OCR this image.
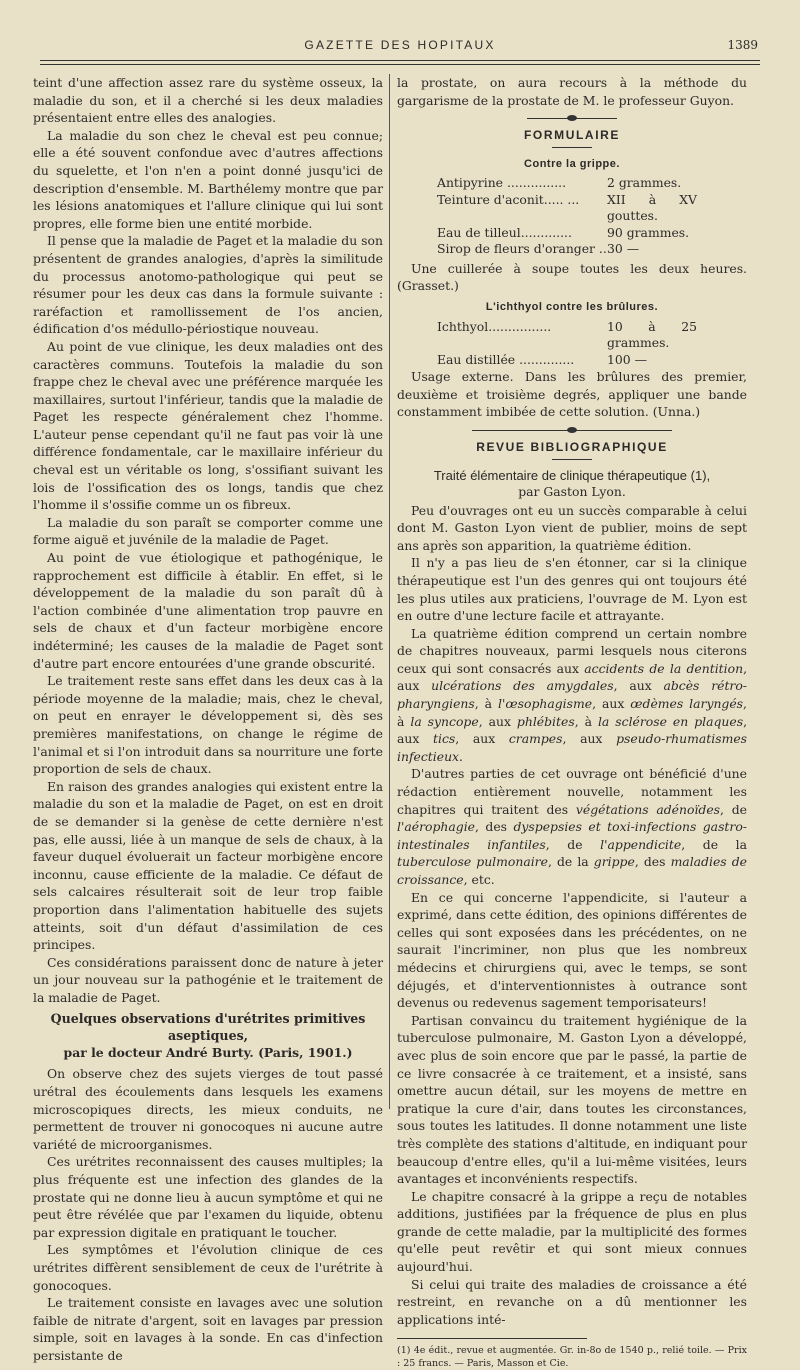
GAZETTE DES HOPITAUX	1389

teint d'une affection assez rare du système osseux, la maladie du son, et il a cherché si les deux maladies présentaient entre elles des analogies.

La maladie du son chez le cheval est peu connue; elle a été souvent confondue avec d'autres affections du squelette, et l'on n'en a point donné jusqu'ici de description d'ensemble. M. Barthélemy montre que par les lésions anatomiques et l'allure clinique qui lui sont propres, elle forme bien une entité morbide.

Il pense que la maladie de Paget et la maladie du son présentent de grandes analogies, d'après la similitude du processus anotomo-pathologique qui peut se résumer pour les deux cas dans la formule suivante : raréfaction et ramollissement de l'os ancien, édification d'os médullo-périostique nouveau.

Au point de vue clinique, les deux maladies ont des caractères communs. Toutefois la maladie du son frappe chez le cheval avec une préférence marquée les maxillaires, surtout l'inférieur, tandis que la maladie de Paget les respecte généralement chez l'homme. L'auteur pense cependant qu'il ne faut pas voir là une différence fondamentale, car le maxillaire inférieur du cheval est un véritable os long, s'ossifiant suivant les lois de l'ossification des os longs, tandis que chez l'homme il s'ossifie comme un os fibreux.

La maladie du son paraît se comporter comme une forme aiguë et juvénile de la maladie de Paget.

Au point de vue étiologique et pathogénique, le rapprochement est difficile à établir. En effet, si le développement de la maladie du son paraît dû à l'action combinée d'une alimentation trop pauvre en sels de chaux et d'un facteur morbigène encore indéterminé; les causes de la maladie de Paget sont d'autre part encore entourées d'une grande obscurité.

Le traitement reste sans effet dans les deux cas à la période moyenne de la maladie; mais, chez le cheval, on peut en enrayer le développement si, dès ses premières manifestations, on change le régime de l'animal et si l'on introduit dans sa nourriture une forte proportion de sels de chaux.

En raison des grandes analogies qui existent entre la maladie du son et la maladie de Paget, on est en droit de se demander si la genèse de cette dernière n'est pas, elle aussi, liée à un manque de sels de chaux, à la faveur duquel évoluerait un facteur morbigène encore inconnu, cause efficiente de la maladie. Ce défaut de sels calcaires résulterait soit de leur trop faible proportion dans l'alimentation habituelle des sujets atteints, soit d'un défaut d'assimilation de ces principes.

Ces considérations paraissent donc de nature à jeter un jour nouveau sur la pathogénie et le traitement de la maladie de Paget.

Quelques observations d'urétrites primitives aseptiques,
par le docteur André Burty. (Paris, 1901.)

On observe chez des sujets vierges de tout passé urétral des écoulements dans lesquels les examens microscopiques directs, les mieux conduits, ne permettent de trouver ni gonocoques ni aucune autre variété de microorganismes.

Ces urétrites reconnaissent des causes multiples; la plus fréquente est une infection des glandes de la prostate qui ne donne lieu à aucun symptôme et qui ne peut être révélée que par l'examen du liquide, obtenu par expression digitale en pratiquant le toucher.

Les symptômes et l'évolution clinique de ces urétrites diffèrent sensiblement de ceux de l'urétrite à gonocoques.

Le traitement consiste en lavages avec une solution faible de nitrate d'argent, soit en lavages par pression simple, soit en lavages à la sonde. En cas d'infection persistante de

la prostate, on aura recours à la méthode du gargarisme de la prostate de M. le professeur Guyon.

FORMULAIRE
Contre la grippe.
Antipyrine ...............	2 grammes.
Teinture d'aconit..... ...	XII à XV gouttes.
Eau de tilleul.............	90 grammes.
Sirop de fleurs d'oranger .. 30 —

Une cuillerée à soupe toutes les deux heures. (Grasset.)

L'ichthyol contre les brûlures.
Ichthyol................	10 à 25 grammes.
Eau distillée ..............	100 —

Usage externe. Dans les brûlures des premier, deuxième et troisième degrés, appliquer une bande constamment imbibée de cette solution. (Unna.)

REVUE BIBLIOGRAPHIQUE
Traité élémentaire de clinique thérapeutique (1),
par Gaston Lyon.

Peu d'ouvrages ont eu un succès comparable à celui dont M. Gaston Lyon vient de publier, moins de sept ans après son apparition, la quatrième édition.

Il n'y a pas lieu de s'en étonner, car si la clinique thérapeutique est l'un des genres qui ont toujours été les plus utiles aux praticiens, l'ouvrage de M. Lyon est en outre d'une lecture facile et attrayante.

La quatrième édition comprend un certain nombre de chapitres nouveaux, parmi lesquels nous citerons ceux qui sont consacrés aux accidents de la dentition, aux ulcérations des amygdales, aux abcès rétro-pharyngiens, à l'œsophagisme, aux œdèmes laryngés, à la syncope, aux phlébites, à la sclérose en plaques, aux tics, aux crampes, aux pseudo-rhumatismes infectieux.

D'autres parties de cet ouvrage ont bénéficié d'une rédaction entièrement nouvelle, notamment les chapitres qui traitent des végétations adénoïdes, de l'aérophagie, des dyspepsies et toxi-infections gastro-intestinales infantiles, de l'appendicite, de la tuberculose pulmonaire, de la grippe, des maladies de croissance, etc.

En ce qui concerne l'appendicite, si l'auteur a exprimé, dans cette édition, des opinions différentes de celles qui sont exposées dans les précédentes, on ne saurait l'incriminer, non plus que les nombreux médecins et chirurgiens qui, avec le temps, se sont déjugés, et d'interventionnistes à outrance sont devenus ou redevenus sagement temporisateurs!

Partisan convaincu du traitement hygiénique de la tuberculose pulmonaire, M. Gaston Lyon a développé, avec plus de soin encore que par le passé, la partie de ce livre consacrée à ce traitement, et a insisté, sans omettre aucun détail, sur les moyens de mettre en pratique la cure d'air, dans toutes les circonstances, sous toutes les latitudes. Il donne notamment une liste très complète des stations d'altitude, en indiquant pour beaucoup d'entre elles, qu'il a lui-même visitées, leurs avantages et inconvénients respectifs.

Le chapitre consacré à la grippe a reçu de notables additions, justifiées par la fréquence de plus en plus grande de cette maladie, par la multiplicité des formes qu'elle peut revêtir et qui sont mieux connues aujourd'hui.

Si celui qui traite des maladies de croissance a été restreint, en revanche on a dû mentionner les applications inté-

(1) 4e édit., revue et augmentée. Gr. in-8o de 1540 p., relié toile. — Prix : 25 francs. — Paris, Masson et Cie.
